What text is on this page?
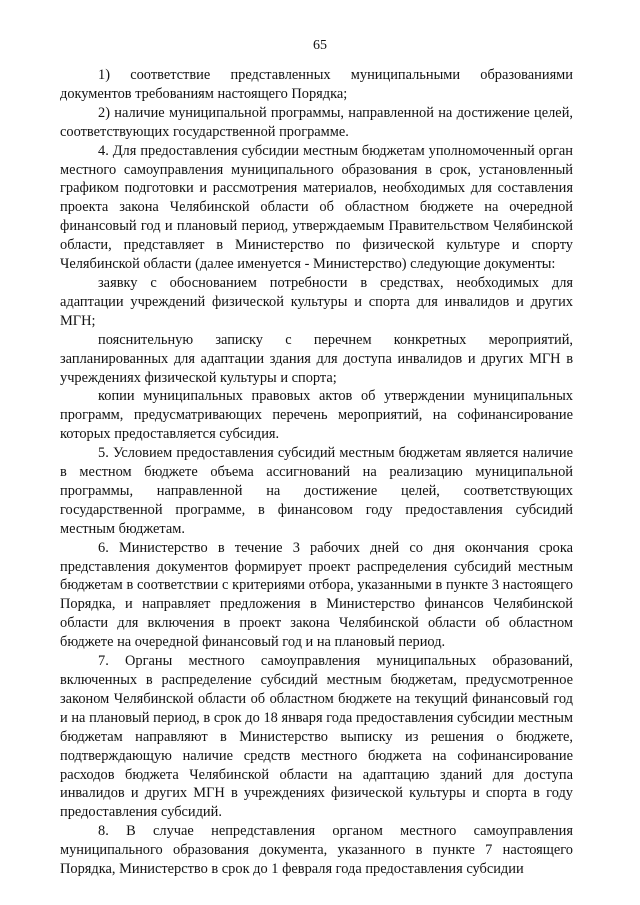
65

1) соответствие представленных муниципальными образованиями документов требованиям настоящего Порядка;

2) наличие муниципальной программы, направленной на достижение целей, соответствующих государственной программе.

4. Для предоставления субсидии местным бюджетам уполномоченный орган местного самоуправления муниципального образования в срок, установленный графиком подготовки и рассмотрения материалов, необходимых для составления проекта закона Челябинской области об областном бюджете на очередной финансовый год и плановый период, утверждаемым Правительством Челябинской области, представляет в Министерство по физической культуре и спорту Челябинской области (далее именуется - Министерство) следующие документы:

заявку с обоснованием потребности в средствах, необходимых для адаптации учреждений физической культуры и спорта для инвалидов и других МГН;

пояснительную записку с перечнем конкретных мероприятий, запланированных для адаптации здания для доступа инвалидов и других МГН в учреждениях физической культуры и спорта;

копии муниципальных правовых актов об утверждении муниципальных программ, предусматривающих перечень мероприятий, на софинансирование которых предоставляется субсидия.

5. Условием предоставления субсидий местным бюджетам является наличие в местном бюджете объема ассигнований на реализацию муниципальной программы, направленной на достижение целей, соответствующих государственной программе, в финансовом году предоставления субсидий местным бюджетам.

6. Министерство в течение 3 рабочих дней со дня окончания срока представления документов формирует проект распределения субсидий местным бюджетам в соответствии с критериями отбора, указанными в пункте 3 настоящего Порядка, и направляет предложения в Министерство финансов Челябинской области для включения в проект закона Челябинской области об областном бюджете на очередной финансовый год и на плановый период.

7. Органы местного самоуправления муниципальных образований, включенных в распределение субсидий местным бюджетам, предусмотренное законом Челябинской области об областном бюджете на текущий финансовый год и на плановый период, в срок до 18 января года предоставления субсидии местным бюджетам направляют в Министерство выписку из решения о бюджете, подтверждающую наличие средств местного бюджета на софинансирование расходов бюджета Челябинской области на адаптацию зданий для доступа инвалидов и других МГН в учреждениях физической культуры и спорта в году предоставления субсидий.

8. В случае непредставления органом местного самоуправления муниципального образования документа, указанного в пункте 7 настоящего Порядка, Министерство в срок до 1 февраля года предоставления субсидии
